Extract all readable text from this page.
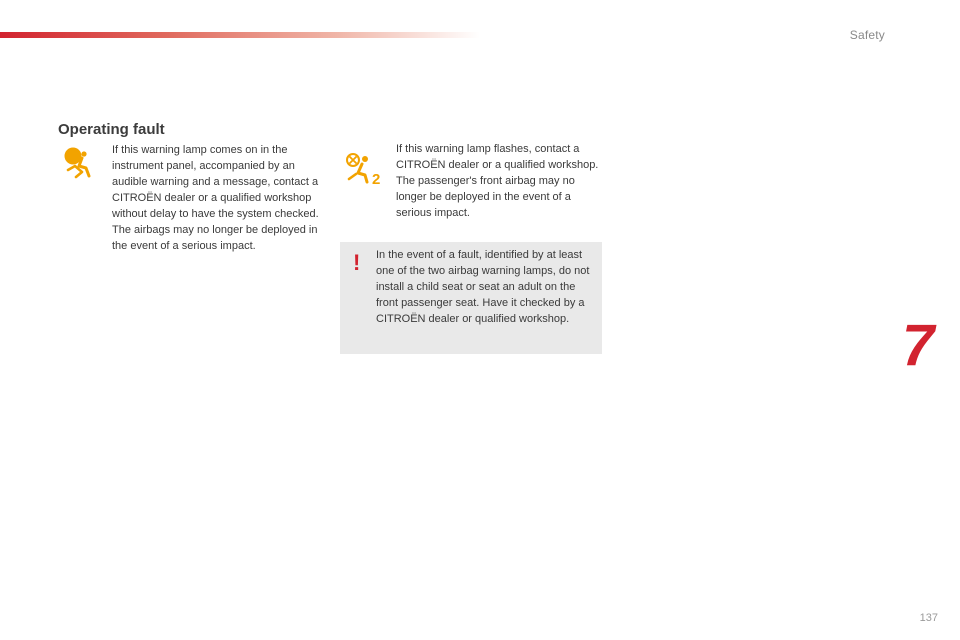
Safety
Operating fault

If this warning lamp comes on in the instrument panel, accompanied by an audible warning and a message, contact a CITROËN dealer or a qualified workshop without delay to have the system checked. The airbags may no longer be deployed in the event of a serious impact.

2

If this warning lamp flashes, contact a CITROËN dealer or a qualified workshop. The passenger's front airbag may no longer be deployed in the event of a serious impact.

! In the event of a fault, identified by at least one of the two airbag warning lamps, do not install a child seat or seat an adult on the front passenger seat. Have it checked by a CITROËN dealer or qualified workshop.	7
137
